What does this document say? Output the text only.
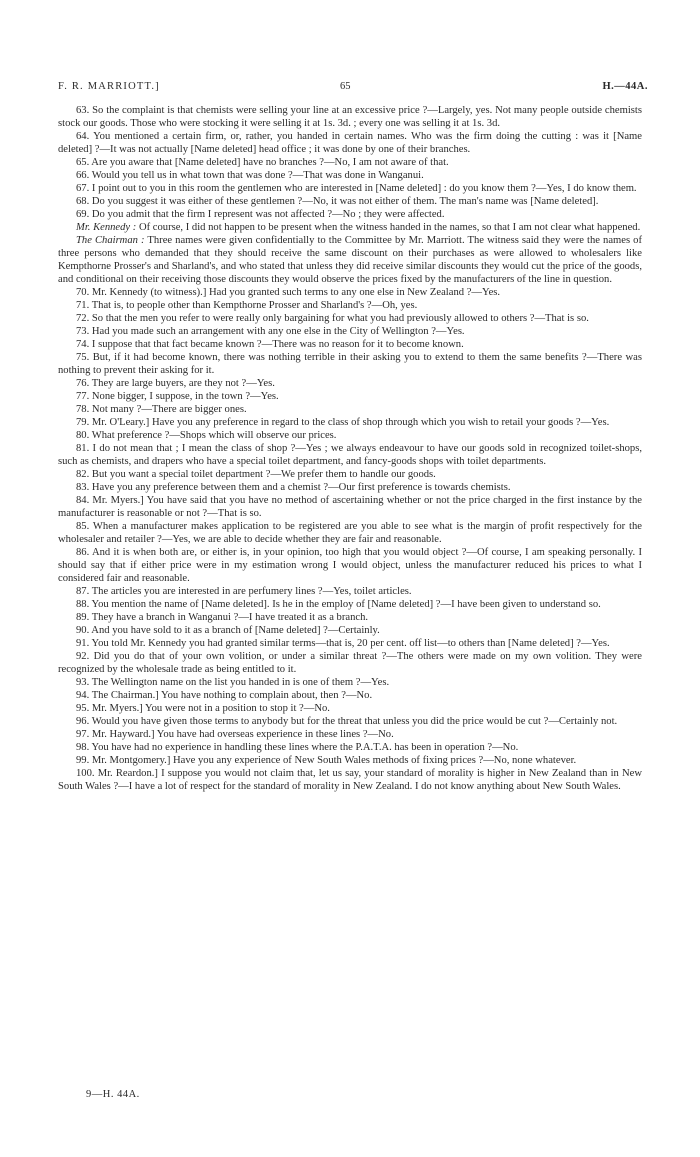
F. R. MARRIOTT.]	65	H.—44A.

63. So the complaint is that chemists were selling your line at an excessive price ?—Largely, yes. Not many people outside chemists stock our goods. Those who were stocking it were selling it at 1s. 3d. ; every one was selling it at 1s. 3d.

64. You mentioned a certain firm, or, rather, you handed in certain names. Who was the firm doing the cutting : was it [Name deleted] ?—It was not actually [Name deleted] head office ; it was done by one of their branches.

65. Are you aware that [Name deleted] have no branches ?—No, I am not aware of that.

66. Would you tell us in what town that was done ?—That was done in Wanganui.

67. I point out to you in this room the gentlemen who are interested in [Name deleted] : do you know them ?—Yes, I do know them.

68. Do you suggest it was either of these gentlemen ?—No, it was not either of them. The man's name was [Name deleted].

69. Do you admit that the firm I represent was not affected ?—No ; they were affected.

Mr. Kennedy : Of course, I did not happen to be present when the witness handed in the names, so that I am not clear what happened.

The Chairman : Three names were given confidentially to the Committee by Mr. Marriott. The witness said they were the names of three persons who demanded that they should receive the same discount on their purchases as were allowed to wholesalers like Kempthorne Prosser's and Sharland's, and who stated that unless they did receive similar discounts they would cut the price of the goods, and conditional on their receiving those discounts they would observe the prices fixed by the manufacturers of the line in question.

70. Mr. Kennedy (to witness).] Had you granted such terms to any one else in New Zealand ?—Yes.

71. That is, to people other than Kempthorne Prosser and Sharland's ?—Oh, yes.

72. So that the men you refer to were really only bargaining for what you had previously allowed to others ?—That is so.

73. Had you made such an arrangement with any one else in the City of Wellington ?—Yes.

74. I suppose that that fact became known ?—There was no reason for it to become known.

75. But, if it had become known, there was nothing terrible in their asking you to extend to them the same benefits ?—There was nothing to prevent their asking for it.

76. They are large buyers, are they not ?—Yes.

77. None bigger, I suppose, in the town ?—Yes.

78. Not many ?—There are bigger ones.

79. Mr. O'Leary.] Have you any preference in regard to the class of shop through which you wish to retail your goods ?—Yes.

80. What preference ?—Shops which will observe our prices.

81. I do not mean that ; I mean the class of shop ?—Yes ; we always endeavour to have our goods sold in recognized toilet-shops, such as chemists, and drapers who have a special toilet department, and fancy-goods shops with toilet departments.

82. But you want a special toilet department ?—We prefer them to handle our goods.

83. Have you any preference between them and a chemist ?—Our first preference is towards chemists.

84. Mr. Myers.] You have said that you have no method of ascertaining whether or not the price charged in the first instance by the manufacturer is reasonable or not ?—That is so.

85. When a manufacturer makes application to be registered are you able to see what is the margin of profit respectively for the wholesaler and retailer ?—Yes, we are able to decide whether they are fair and reasonable.

86. And it is when both are, or either is, in your opinion, too high that you would object ?—Of course, I am speaking personally. I should say that if either price were in my estimation wrong I would object, unless the manufacturer reduced his prices to what I considered fair and reasonable.

87. The articles you are interested in are perfumery lines ?—Yes, toilet articles.

88. You mention the name of [Name deleted]. Is he in the employ of [Name deleted] ?—I have been given to understand so.

89. They have a branch in Wanganui ?—I have treated it as a branch.

90. And you have sold to it as a branch of [Name deleted] ?—Certainly.

91. You told Mr. Kennedy you had granted similar terms—that is, 20 per cent. off list—to others than [Name deleted] ?—Yes.

92. Did you do that of your own volition, or under a similar threat ?—The others were made on my own volition. They were recognized by the wholesale trade as being entitled to it.

93. The Wellington name on the list you handed in is one of them ?—Yes.

94. The Chairman.] You have nothing to complain about, then ?—No.

95. Mr. Myers.] You were not in a position to stop it ?—No.

96. Would you have given those terms to anybody but for the threat that unless you did the price would be cut ?—Certainly not.

97. Mr. Hayward.] You have had overseas experience in these lines ?—No.

98. You have had no experience in handling these lines where the P.A.T.A. has been in operation ?—No.

99. Mr. Montgomery.] Have you any experience of New South Wales methods of fixing prices ?—No, none whatever.

100. Mr. Reardon.] I suppose you would not claim that, let us say, your standard of morality is higher in New Zealand than in New South Wales ?—I have a lot of respect for the standard of morality in New Zealand. I do not know anything about New South Wales.

9—H. 44A.
